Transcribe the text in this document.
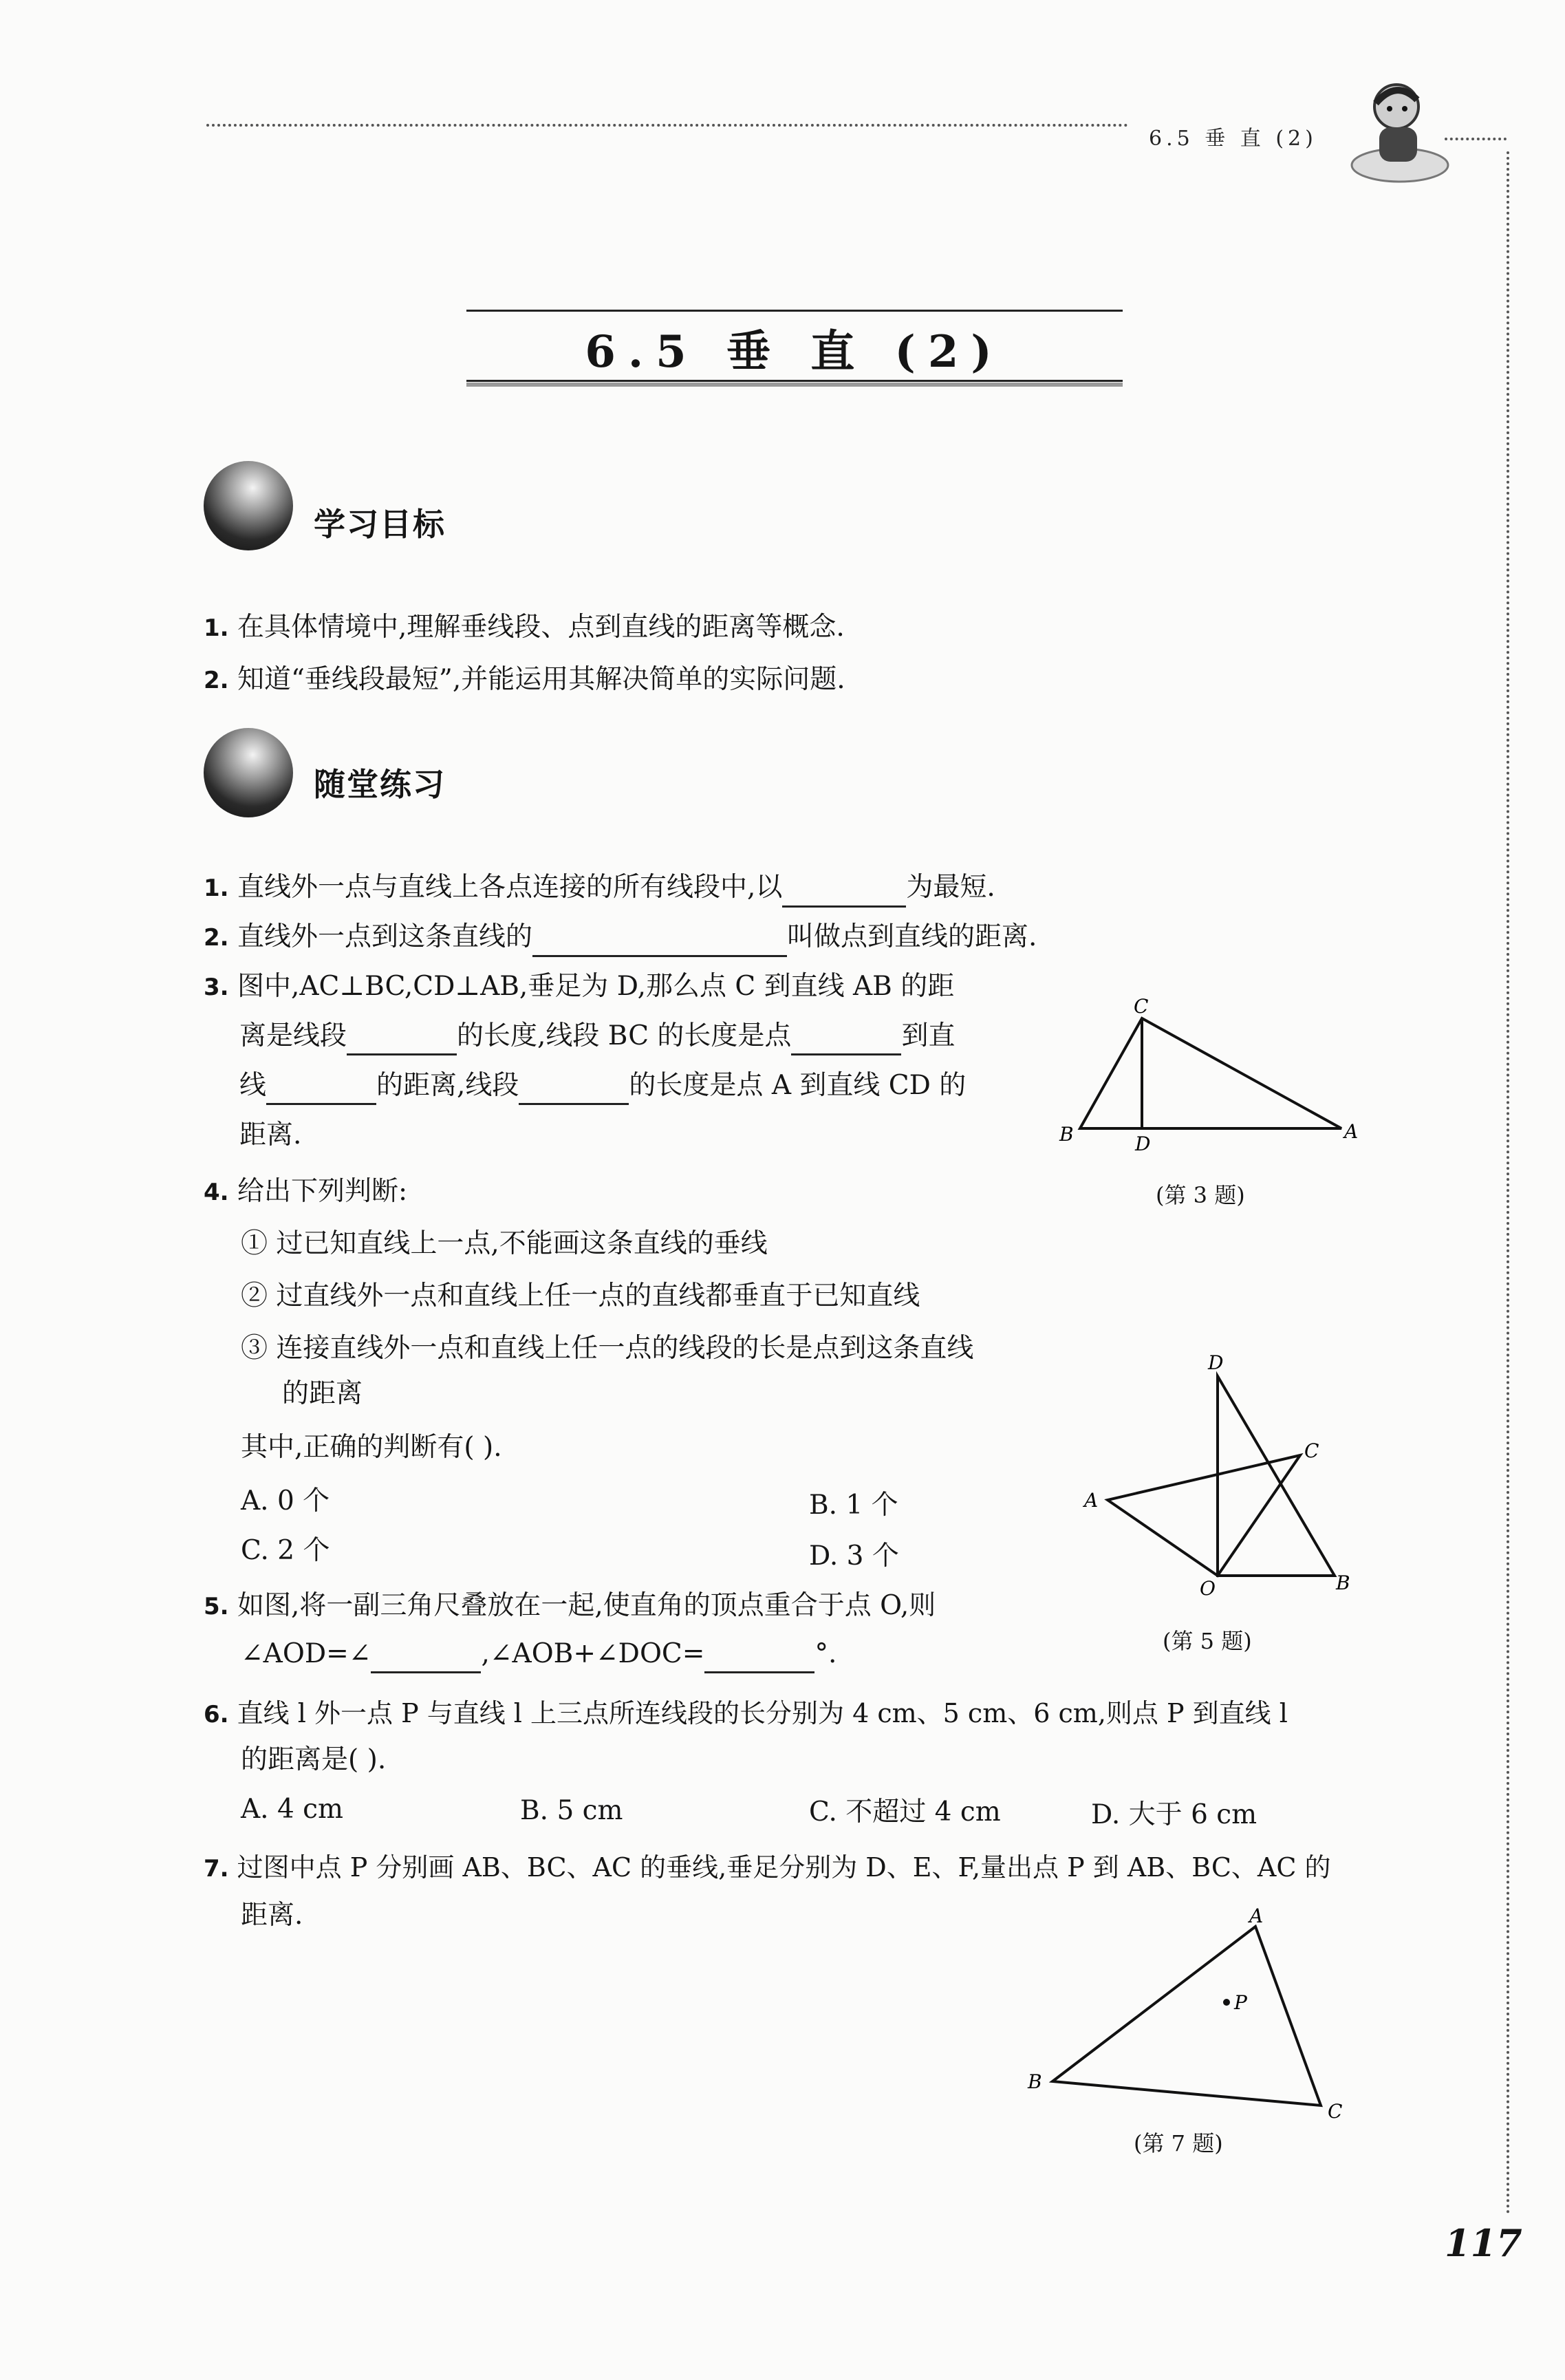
6.5 垂 直 (2)
6.5 垂 直 (2)
学习目标
1. 在具体情境中,理解垂线段、点到直线的距离等概念.
2. 知道“垂线段最短”,并能运用其解决简单的实际问题.
随堂练习
1. 直线外一点与直线上各点连接的所有线段中,以	为最短.
2. 直线外一点到这条直线的	叫做点到直线的距离.
3. 图中,AC⊥BC,CD⊥AB,垂足为 D,那么点 C 到直线 AB 的距
离是线段	的长度,线段 BC 的长度是点	到直
线	的距离,线段	的长度是点 A 到直线 CD 的
距离.
C
B	D
A
(第 3 题)
4. 给出下列判断:
① 过已知直线上一点,不能画这条直线的垂线
② 过直线外一点和直线上任一点的直线都垂直于已知直线
③ 连接直线外一点和直线上任一点的线段的长是点到这条直线
的距离
其中,正确的判断有( ).
A. 0 个	B. 1 个
C. 2 个	D. 3 个
D
C
A
O	B
(第 5 题)
5. 如图,将一副三角尺叠放在一起,使直角的顶点重合于点 O,则
∠AOD=∠	,∠AOB+∠DOC=	°.
6. 直线 l 外一点 P 与直线 l 上三点所连线段的长分别为 4 cm、5 cm、6 cm,则点 P 到直线 l
的距离是( ).
A. 4 cm	B. 5 cm	C. 不超过 4 cm	D. 大于 6 cm
7. 过图中点 P 分别画 AB、BC、AC 的垂线,垂足分别为 D、E、F,量出点 P 到 AB、BC、AC 的
距离.	A
P
B
C
(第 7 题)
117
